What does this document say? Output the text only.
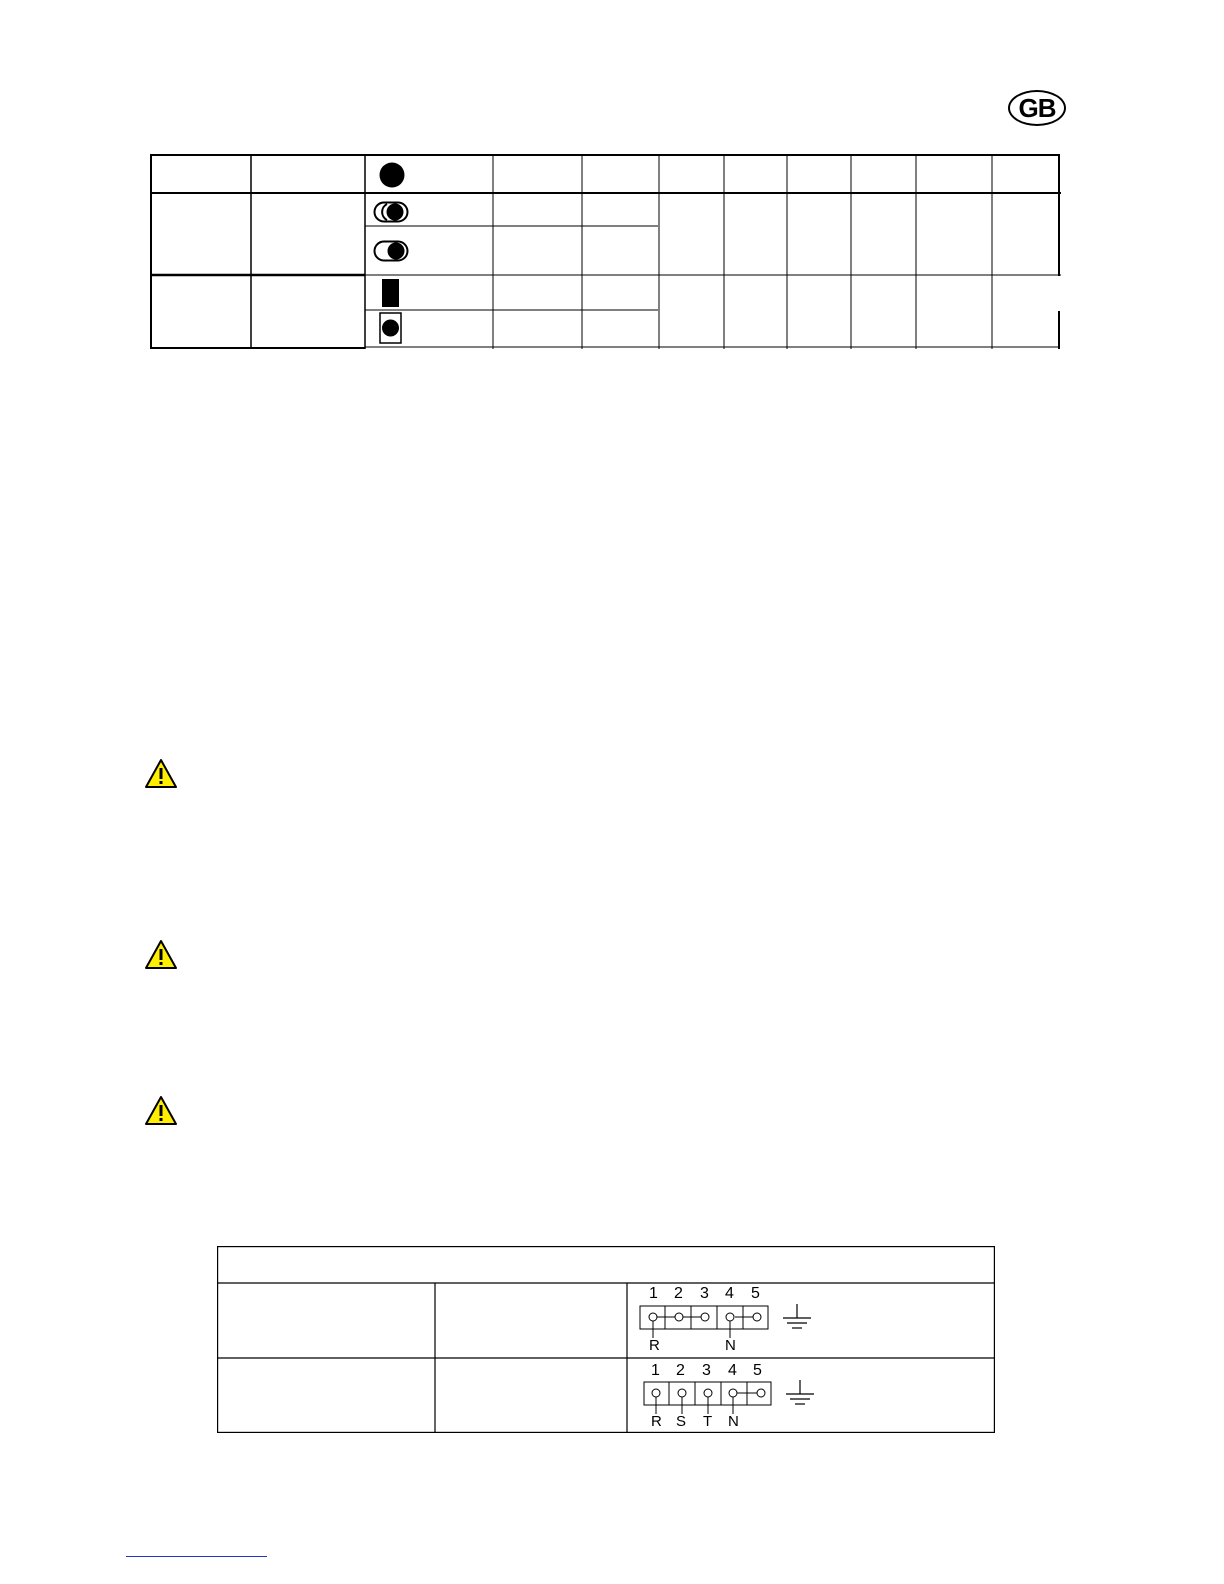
GB
1 2 3 4 5
R	N
1 2 3 4 5
R S T N
